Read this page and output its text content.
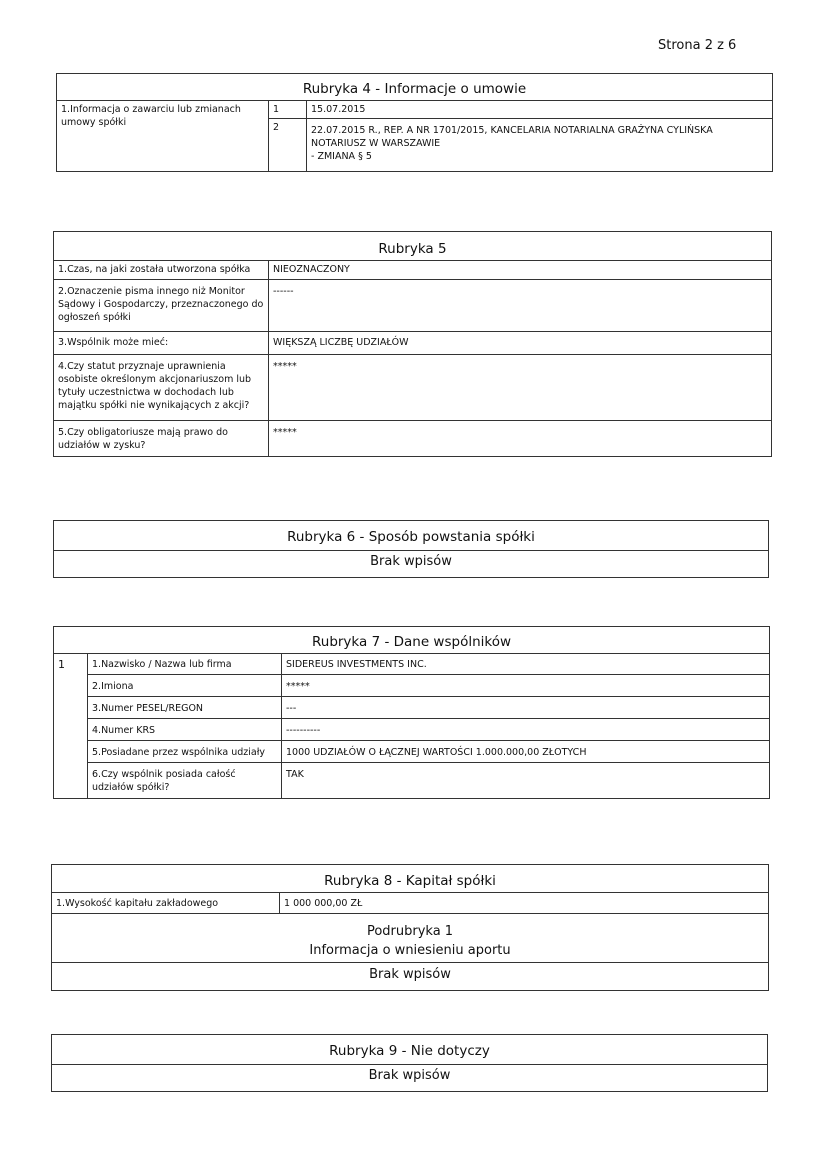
Strona 2 z 6
Rubryka 4 - Informacje o umowie		
1.Informacja o zawarciu lub zmianach umowy spółki	1	15.07.2015
	2	22.07.2015 R., REP. A NR 1701/2015, KANCELARIA NOTARIALNA GRAŻYNA CYLIŃSKA
NOTARIUSZ W WARSZAWIE
- ZMIANA § 5
Rubryka 5	
1.Czas, na jaki została utworzona spółka	NIEOZNACZONY
2.Oznaczenie pisma innego niż Monitor Sądowy i Gospodarczy, przeznaczonego do ogłoszeń spółki	------
3.Wspólnik może mieć:	WIĘKSZĄ LICZBĘ UDZIAŁÓW
4.Czy statut przyznaje uprawnienia osobiste określonym akcjonariuszom lub tytuły uczestnictwa w dochodach lub majątku spółki nie wynikających z akcji?	*****
5.Czy obligatoriusze mają prawo do udziałów w zysku?	*****
Rubryka 6 - Sposób powstania spółki
Brak wpisów
Rubryka 7 - Dane wspólników		
1	1.Nazwisko / Nazwa lub firma	SIDEREUS INVESTMENTS INC.
	2.Imiona	*****
	3.Numer PESEL/REGON	---
	4.Numer KRS	----------
	5.Posiadane przez wspólnika udziały	1000 UDZIAŁÓW O ŁĄCZNEJ WARTOŚCI 1.000.000,00 ZŁOTYCH
	6.Czy wspólnik posiada całość udziałów spółki?	TAK
Rubryka 8 - Kapitał spółki
1.Wysokość kapitału zakładowego	1 000 000,00 ZŁ

Podrubryka 1
Informacja o wniesieniu aportu

Brak wpisów
Rubryka 9 - Nie dotyczy
Brak wpisów
